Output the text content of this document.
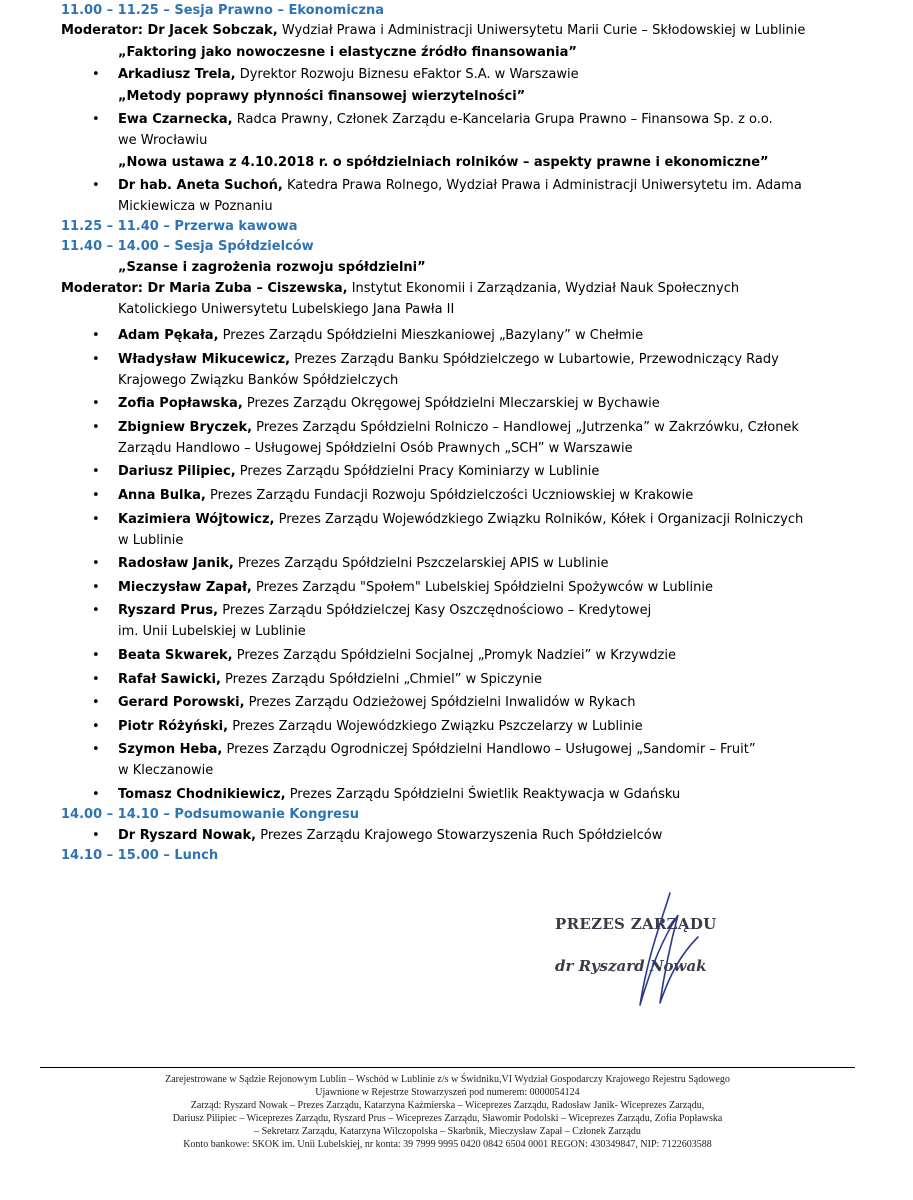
11.00 – 11.25 – Sesja Prawno – Ekonomiczna
Moderator: Dr Jacek Sobczak, Wydział Prawa i Administracji Uniwersytetu Marii Curie – Skłodowskiej w Lublinie
„Faktoring jako nowoczesne i elastyczne źródło finansowania”
• Arkadiusz Trela, Dyrektor Rozwoju Biznesu eFaktor S.A. w Warszawie
„Metody poprawy płynności finansowej wierzytelności”
• Ewa Czarnecka, Radca Prawny, Członek Zarządu e-Kancelaria Grupa Prawno – Finansowa Sp. z o.o.
we Wrocławiu
„Nowa ustawa z 4.10.2018 r. o spółdzielniach rolników – aspekty prawne i ekonomiczne”
• Dr hab. Aneta Suchoń, Katedra Prawa Rolnego, Wydział Prawa i Administracji Uniwersytetu im. Adama
Mickiewicza w Poznaniu
11.25 – 11.40 – Przerwa kawowa
11.40 – 14.00 – Sesja Spółdzielców
„Szanse i zagrożenia rozwoju spółdzielni”
Moderator: Dr Maria Zuba – Ciszewska, Instytut Ekonomii i Zarządzania, Wydział Nauk Społecznych
Katolickiego Uniwersytetu Lubelskiego Jana Pawła II
• Adam Pękała, Prezes Zarządu Spółdzielni Mieszkaniowej „Bazylany” w Chełmie
• Władysław Mikucewicz, Prezes Zarządu Banku Spółdzielczego w Lubartowie, Przewodniczący Rady
Krajowego Związku Banków Spółdzielczych
• Zofia Popławska, Prezes Zarządu Okręgowej Spółdzielni Mleczarskiej w Bychawie
• Zbigniew Bryczek, Prezes Zarządu Spółdzielni Rolniczo – Handlowej „Jutrzenka” w Zakrzówku, Członek
Zarządu Handlowo – Usługowej Spółdzielni Osób Prawnych „SCH” w Warszawie
• Dariusz Pilipiec, Prezes Zarządu Spółdzielni Pracy Kominiarzy w Lublinie
• Anna Bulka, Prezes Zarządu Fundacji Rozwoju Spółdzielczości Uczniowskiej w Krakowie
• Kazimiera Wójtowicz, Prezes Zarządu Wojewódzkiego Związku Rolników, Kółek i Organizacji Rolniczych
w Lublinie
• Radosław Janik, Prezes Zarządu Spółdzielni Pszczelarskiej APIS w Lublinie
• Mieczysław Zapał, Prezes Zarządu "Społem" Lubelskiej Spółdzielni Spożywców w Lublinie
• Ryszard Prus, Prezes Zarządu Spółdzielczej Kasy Oszczędnościowo – Kredytowej
im. Unii Lubelskiej w Lublinie
• Beata Skwarek, Prezes Zarządu Spółdzielni Socjalnej „Promyk Nadziei” w Krzywdzie
• Rafał Sawicki, Prezes Zarządu Spółdzielni „Chmiel” w Spiczynie
• Gerard Porowski, Prezes Zarządu Odzieżowej Spółdzielni Inwalidów w Rykach
• Piotr Różyński, Prezes Zarządu Wojewódzkiego Związku Pszczelarzy w Lublinie
• Szymon Heba, Prezes Zarządu Ogrodniczej Spółdzielni Handlowo – Usługowej „Sandomir – Fruit”
w Kleczanowie
• Tomasz Chodnikiewicz, Prezes Zarządu Spółdzielni Świetlik Reaktywacja w Gdańsku
14.00 – 14.10 – Podsumowanie Kongresu
• Dr Ryszard Nowak, Prezes Zarządu Krajowego Stowarzyszenia Ruch Spółdzielców
14.10 – 15.00 – Lunch
PREZES ZARZĄDU
dr Ryszard Nowak
Zarejestrowane w Sądzie Rejonowym Lublin – Wschód w Lublinie z/s w Świdniku,VI Wydział Gospodarczy Krajowego Rejestru Sądowego
Ujawnione w Rejestrze Stowarzyszeń pod numerem: 0000054124
Zarząd: Ryszard Nowak – Prezes Zarządu, Katarzyna Kaźmierska – Wiceprezes Zarządu, Radosław Janik- Wiceprezes Zarządu,
Dariusz Pilipiec – Wiceprezes Zarządu, Ryszard Prus – Wiceprezes Zarządu, Sławomir Podolski – Wiceprezes Zarządu, Zofia Popławska
– Sekretarz Zarządu, Katarzyna Wilczopolska – Skarbnik, Mieczysław Zapał – Członek Zarządu
Konto bankowe: SKOK im. Unii Lubelskiej, nr konta: 39 7999 9995 0420 0842 6504 0001 REGON: 430349847, NIP: 7122603588
